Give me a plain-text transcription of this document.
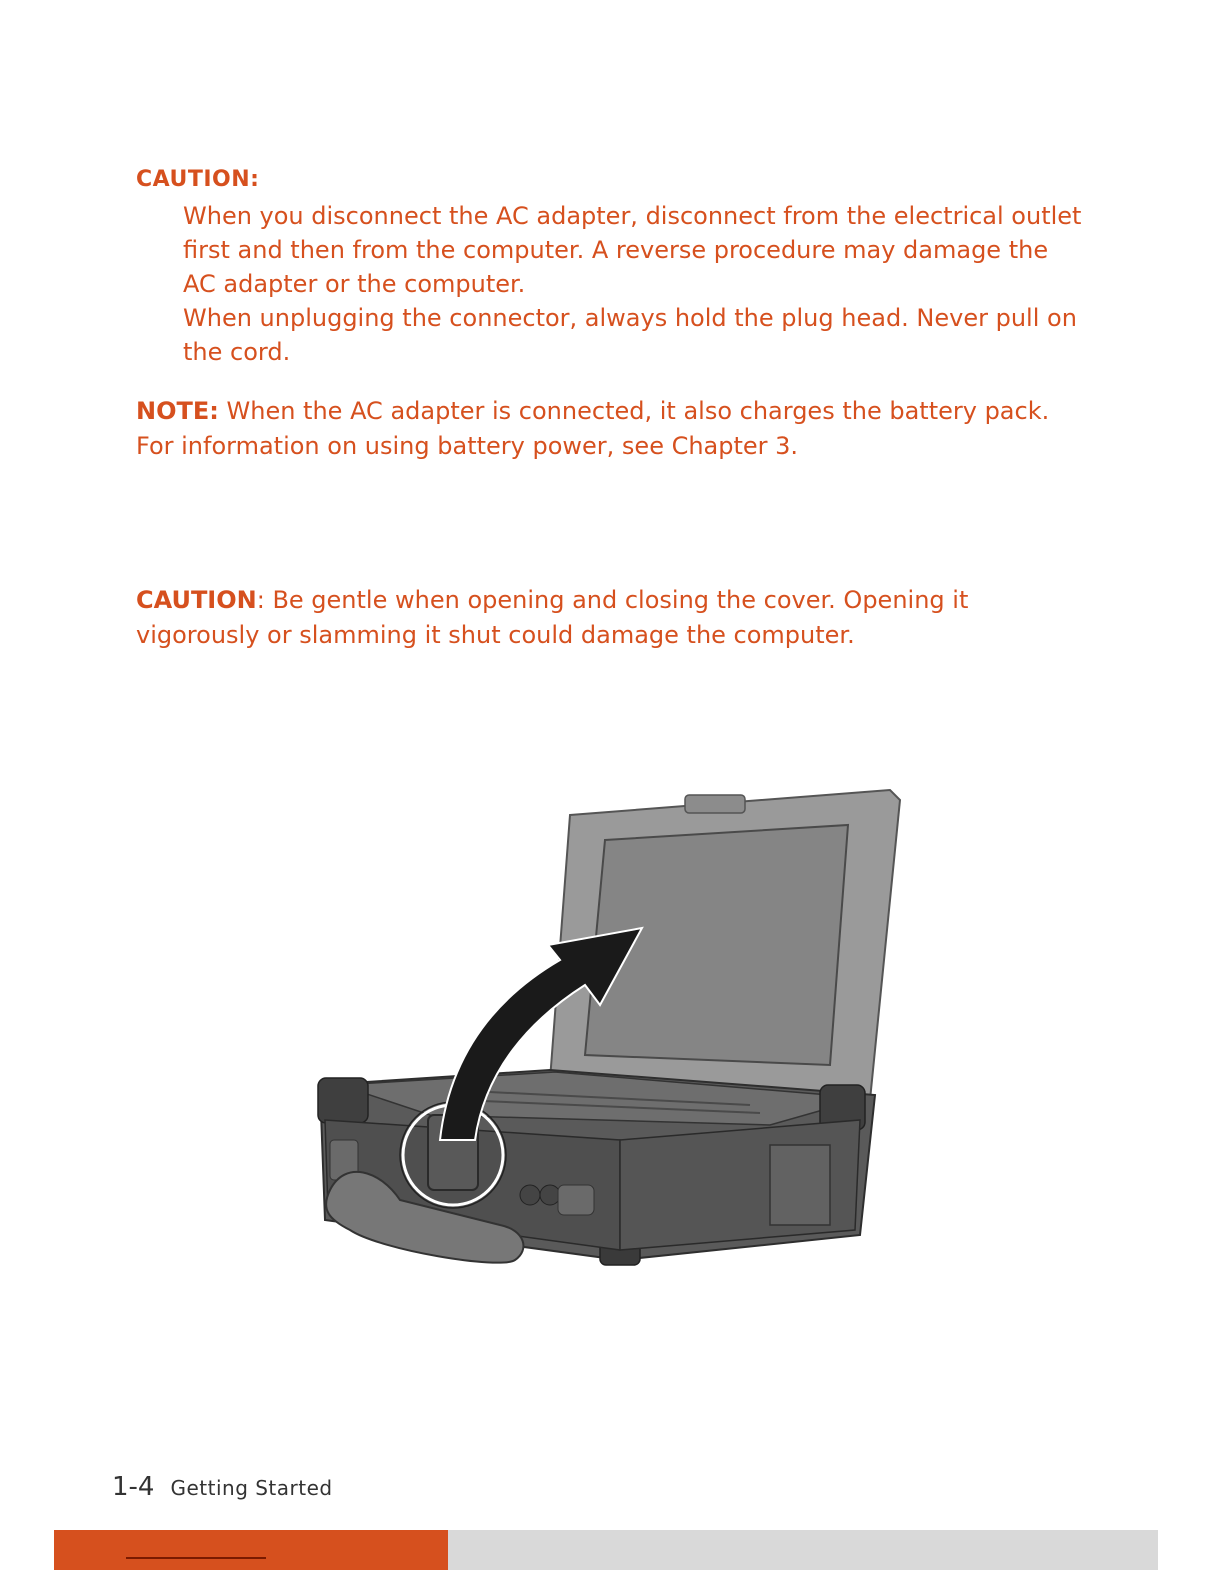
CAUTION:

When you disconnect the AC adapter, disconnect from the electrical outlet first and then from the computer. A reverse procedure may damage the AC adapter or the computer.

When unplugging the connector, always hold the plug head. Never pull on the cord.

NOTE: When the AC adapter is connected, it also charges the battery pack. For information on using battery power, see Chapter 3.

CAUTION: Be gentle when opening and closing the cover. Opening it vigorously or slamming it shut could damage the computer.

1-4 Getting Started
